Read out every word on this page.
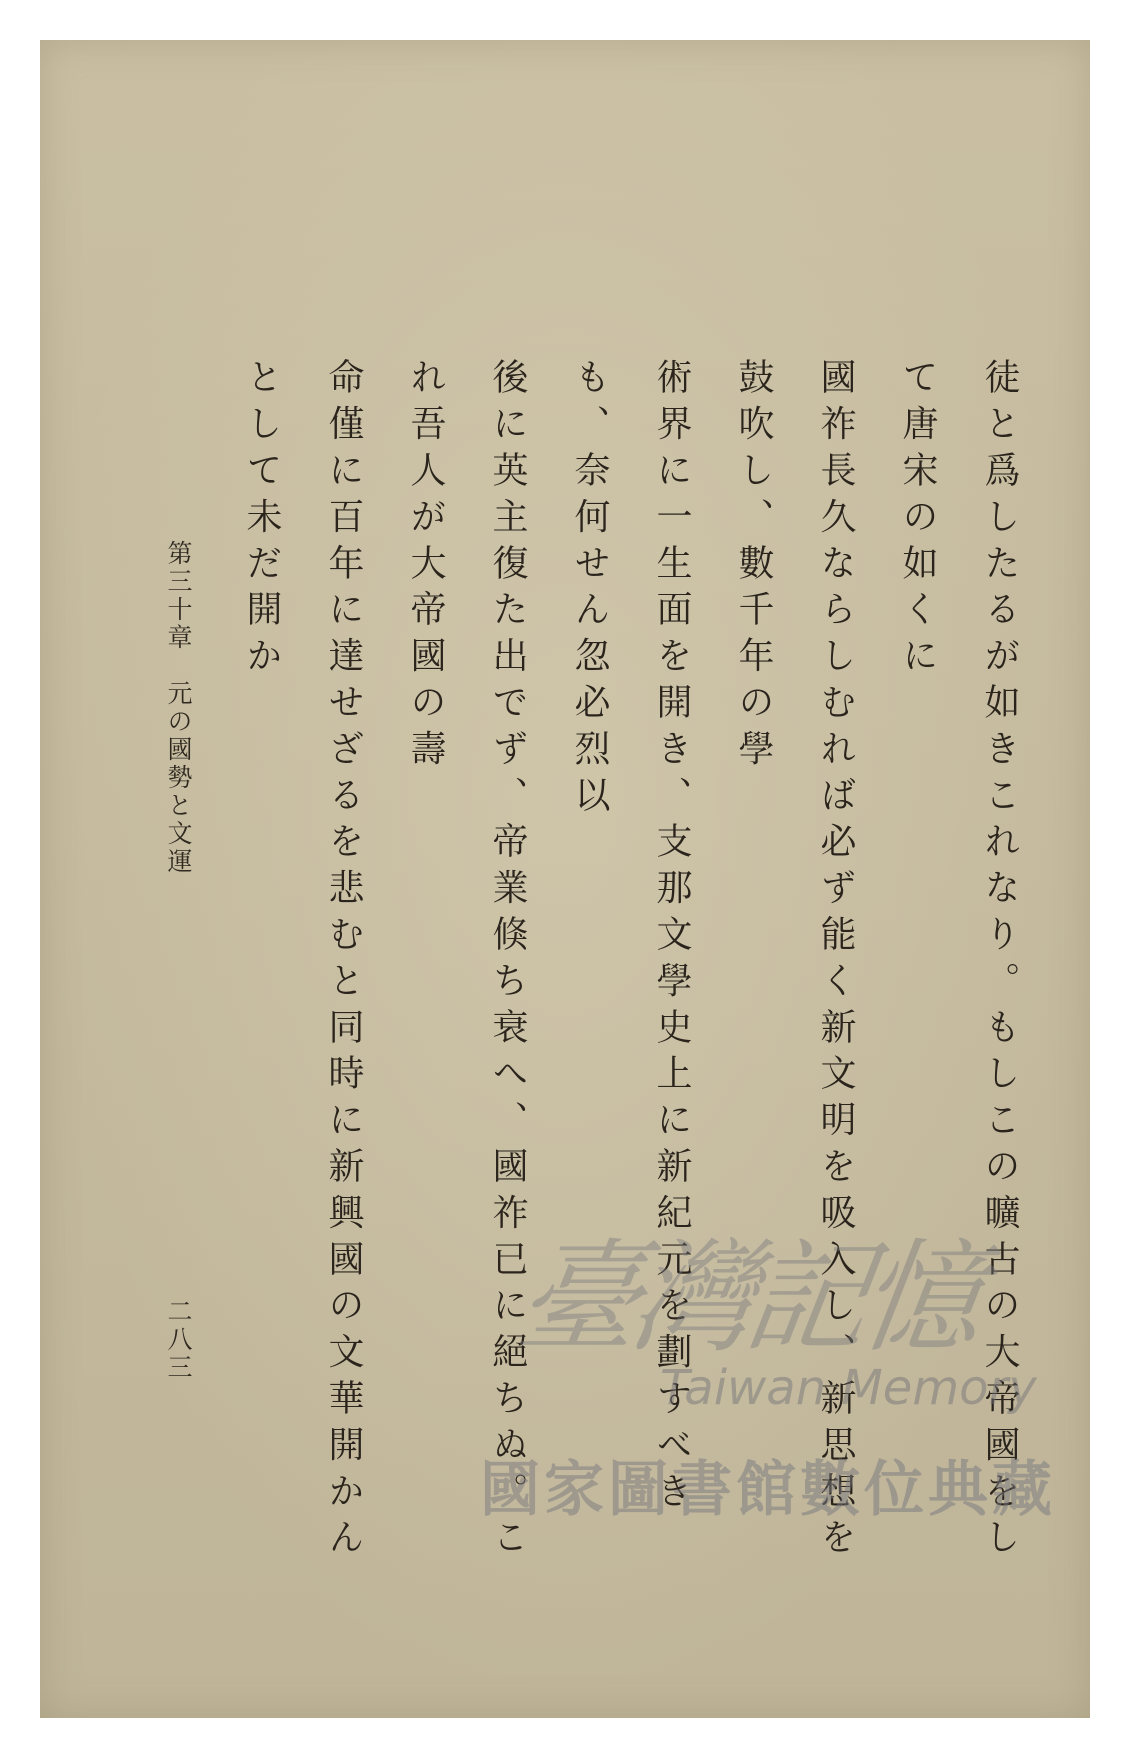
徒と爲したるが如きこれなり。もしこの曠古の大帝國をして唐宋の如くに
國祚長久ならしむれば必ず能く新文明を吸入し、新思想を鼓吹し、數千年の學
術界に一生面を開き、支那文學史上に新紀元を劃すべきも、奈何せん忽必烈以
後に英主復た出でず、帝業倏ち衰へ、國祚已に絕ちぬ。これ吾人が大帝國の壽
命僅に百年に達せざるを悲むと同時に新興國の文華開かんとして未だ開か

第三十章　元の國勢と文運
二八三	臺灣記憶
Taiwan Memory
國家圖書館數位典藏
